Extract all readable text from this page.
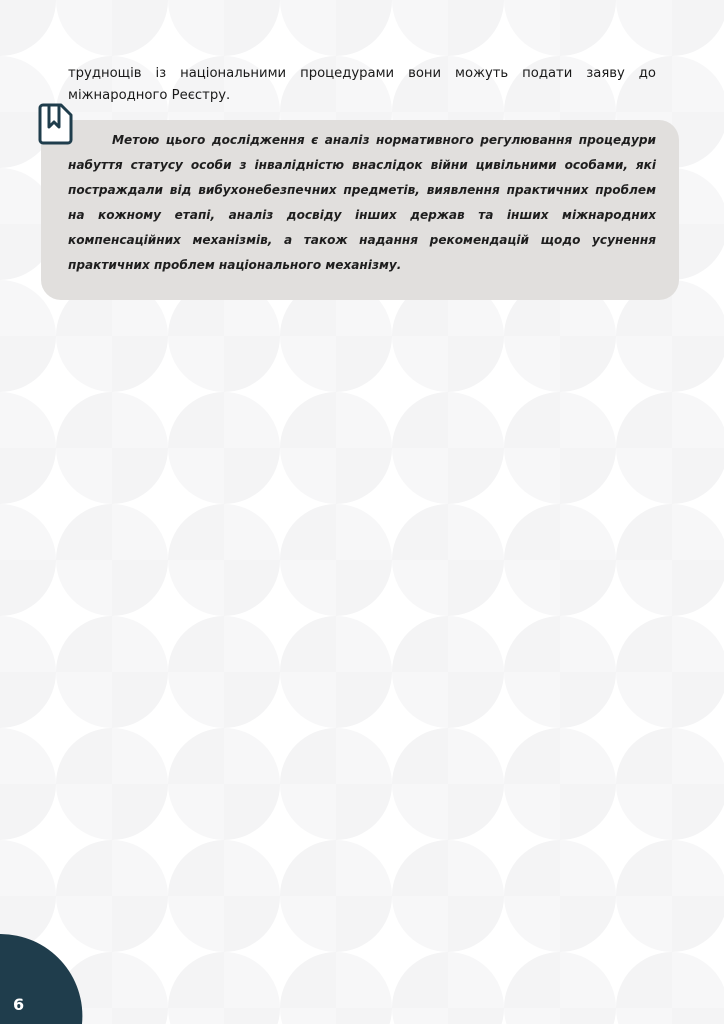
труднощів із національними процедурами вони можуть подати заяву до міжнародного Реєстру.

Метою цього дослідження є аналіз нормативного регулювання процедури набуття статусу особи з інвалідністю внаслідок війни цивільними особами, які постраждали від вибухонебезпечних предметів, виявлення практичних проблем на кожному етапі, аналіз досвіду інших держав та інших міжнародних компенсаційних механізмів, а також надання рекомендацій щодо усунення практичних проблем національного механізму.

6
